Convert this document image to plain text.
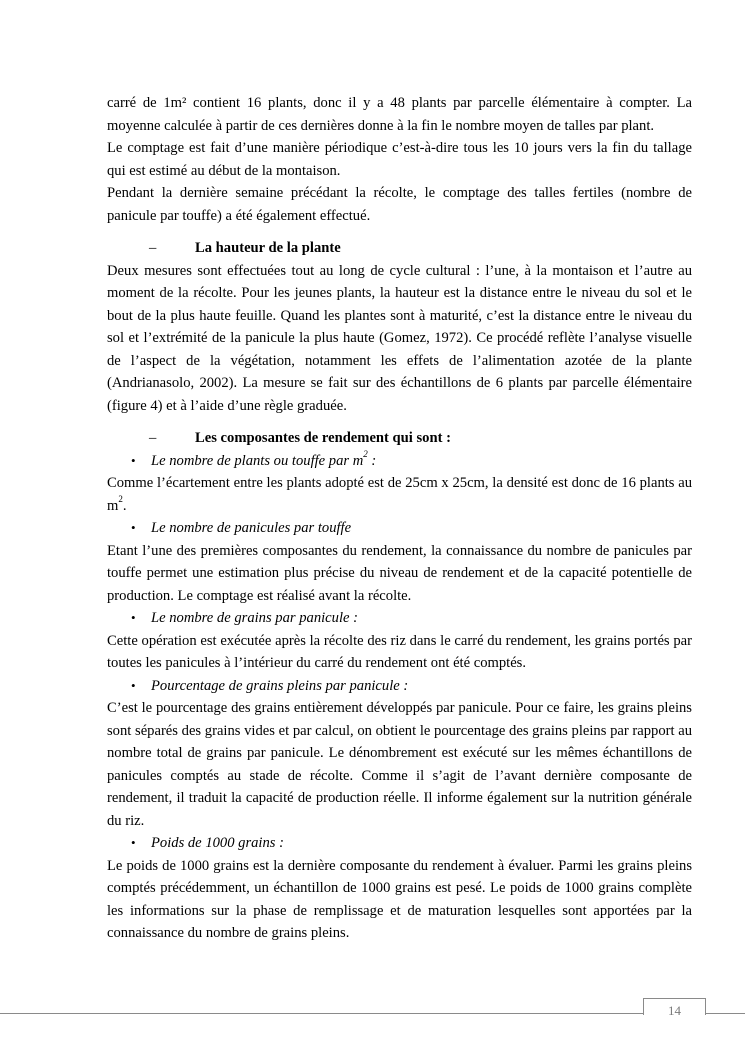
carré de 1m² contient 16 plants, donc il y a 48 plants par parcelle élémentaire à compter. La moyenne calculée à partir de ces dernières donne à la fin le nombre moyen de talles par plant.

Le comptage est fait d’une manière périodique c’est-à-dire tous les 10 jours vers la fin du tallage qui est estimé au début de la montaison.

Pendant la dernière semaine précédant la récolte, le comptage des talles fertiles (nombre de panicule par touffe) a été également effectué.

–	La hauteur de la plante

Deux mesures sont effectuées tout au long de cycle cultural : l’une, à la montaison et l’autre au moment de la récolte. Pour les jeunes plants, la hauteur est la distance entre le niveau du sol et le bout de la plus haute feuille. Quand les plantes sont à maturité, c’est la distance entre le niveau du sol et l’extrémité de la panicule la plus haute (Gomez, 1972). Ce procédé reflète l’analyse visuelle de l’aspect de la végétation, notamment les effets de l’alimentation azotée de la plante (Andrianasolo, 2002). La mesure se fait sur des échantillons de 6 plants par parcelle élémentaire (figure 4) et à l’aide d’une règle graduée.

–	Les composantes de rendement qui sont :
•	Le nombre de plants ou touffe par $m^2$ :

Comme l’écartement entre les plants adopté est de 25cm x 25cm, la densité est donc de 16 plants au $m^2$.

•	Le nombre de panicules par touffe

Etant l’une des premières composantes du rendement, la connaissance du nombre de panicules par touffe permet une estimation plus précise du niveau de rendement et de la capacité potentielle de production. Le comptage est réalisé avant la récolte.

•	Le nombre de grains par panicule :

Cette opération est exécutée après la récolte des riz dans le carré du rendement, les grains portés par toutes les panicules à l’intérieur du carré du rendement ont été comptés.

•	Pourcentage de grains pleins par panicule :

C’est le pourcentage des grains entièrement développés par panicule. Pour ce faire, les grains pleins sont séparés des grains vides et par calcul, on obtient le pourcentage des grains pleins par rapport au nombre total de grains par panicule. Le dénombrement est exécuté sur les mêmes échantillons de panicules comptés au stade de récolte. Comme il s’agit de l’avant dernière composante de rendement, il traduit la capacité de production réelle. Il informe également sur la nutrition générale du riz.

•	Poids de 1000 grains :

Le poids de 1000 grains est la dernière composante du rendement à évaluer. Parmi les grains pleins comptés précédemment, un échantillon de 1000 grains est pesé. Le poids de 1000 grains complète les informations sur la phase de remplissage et de maturation lesquelles sont apportées par la connaissance du nombre de grains pleins.

14
